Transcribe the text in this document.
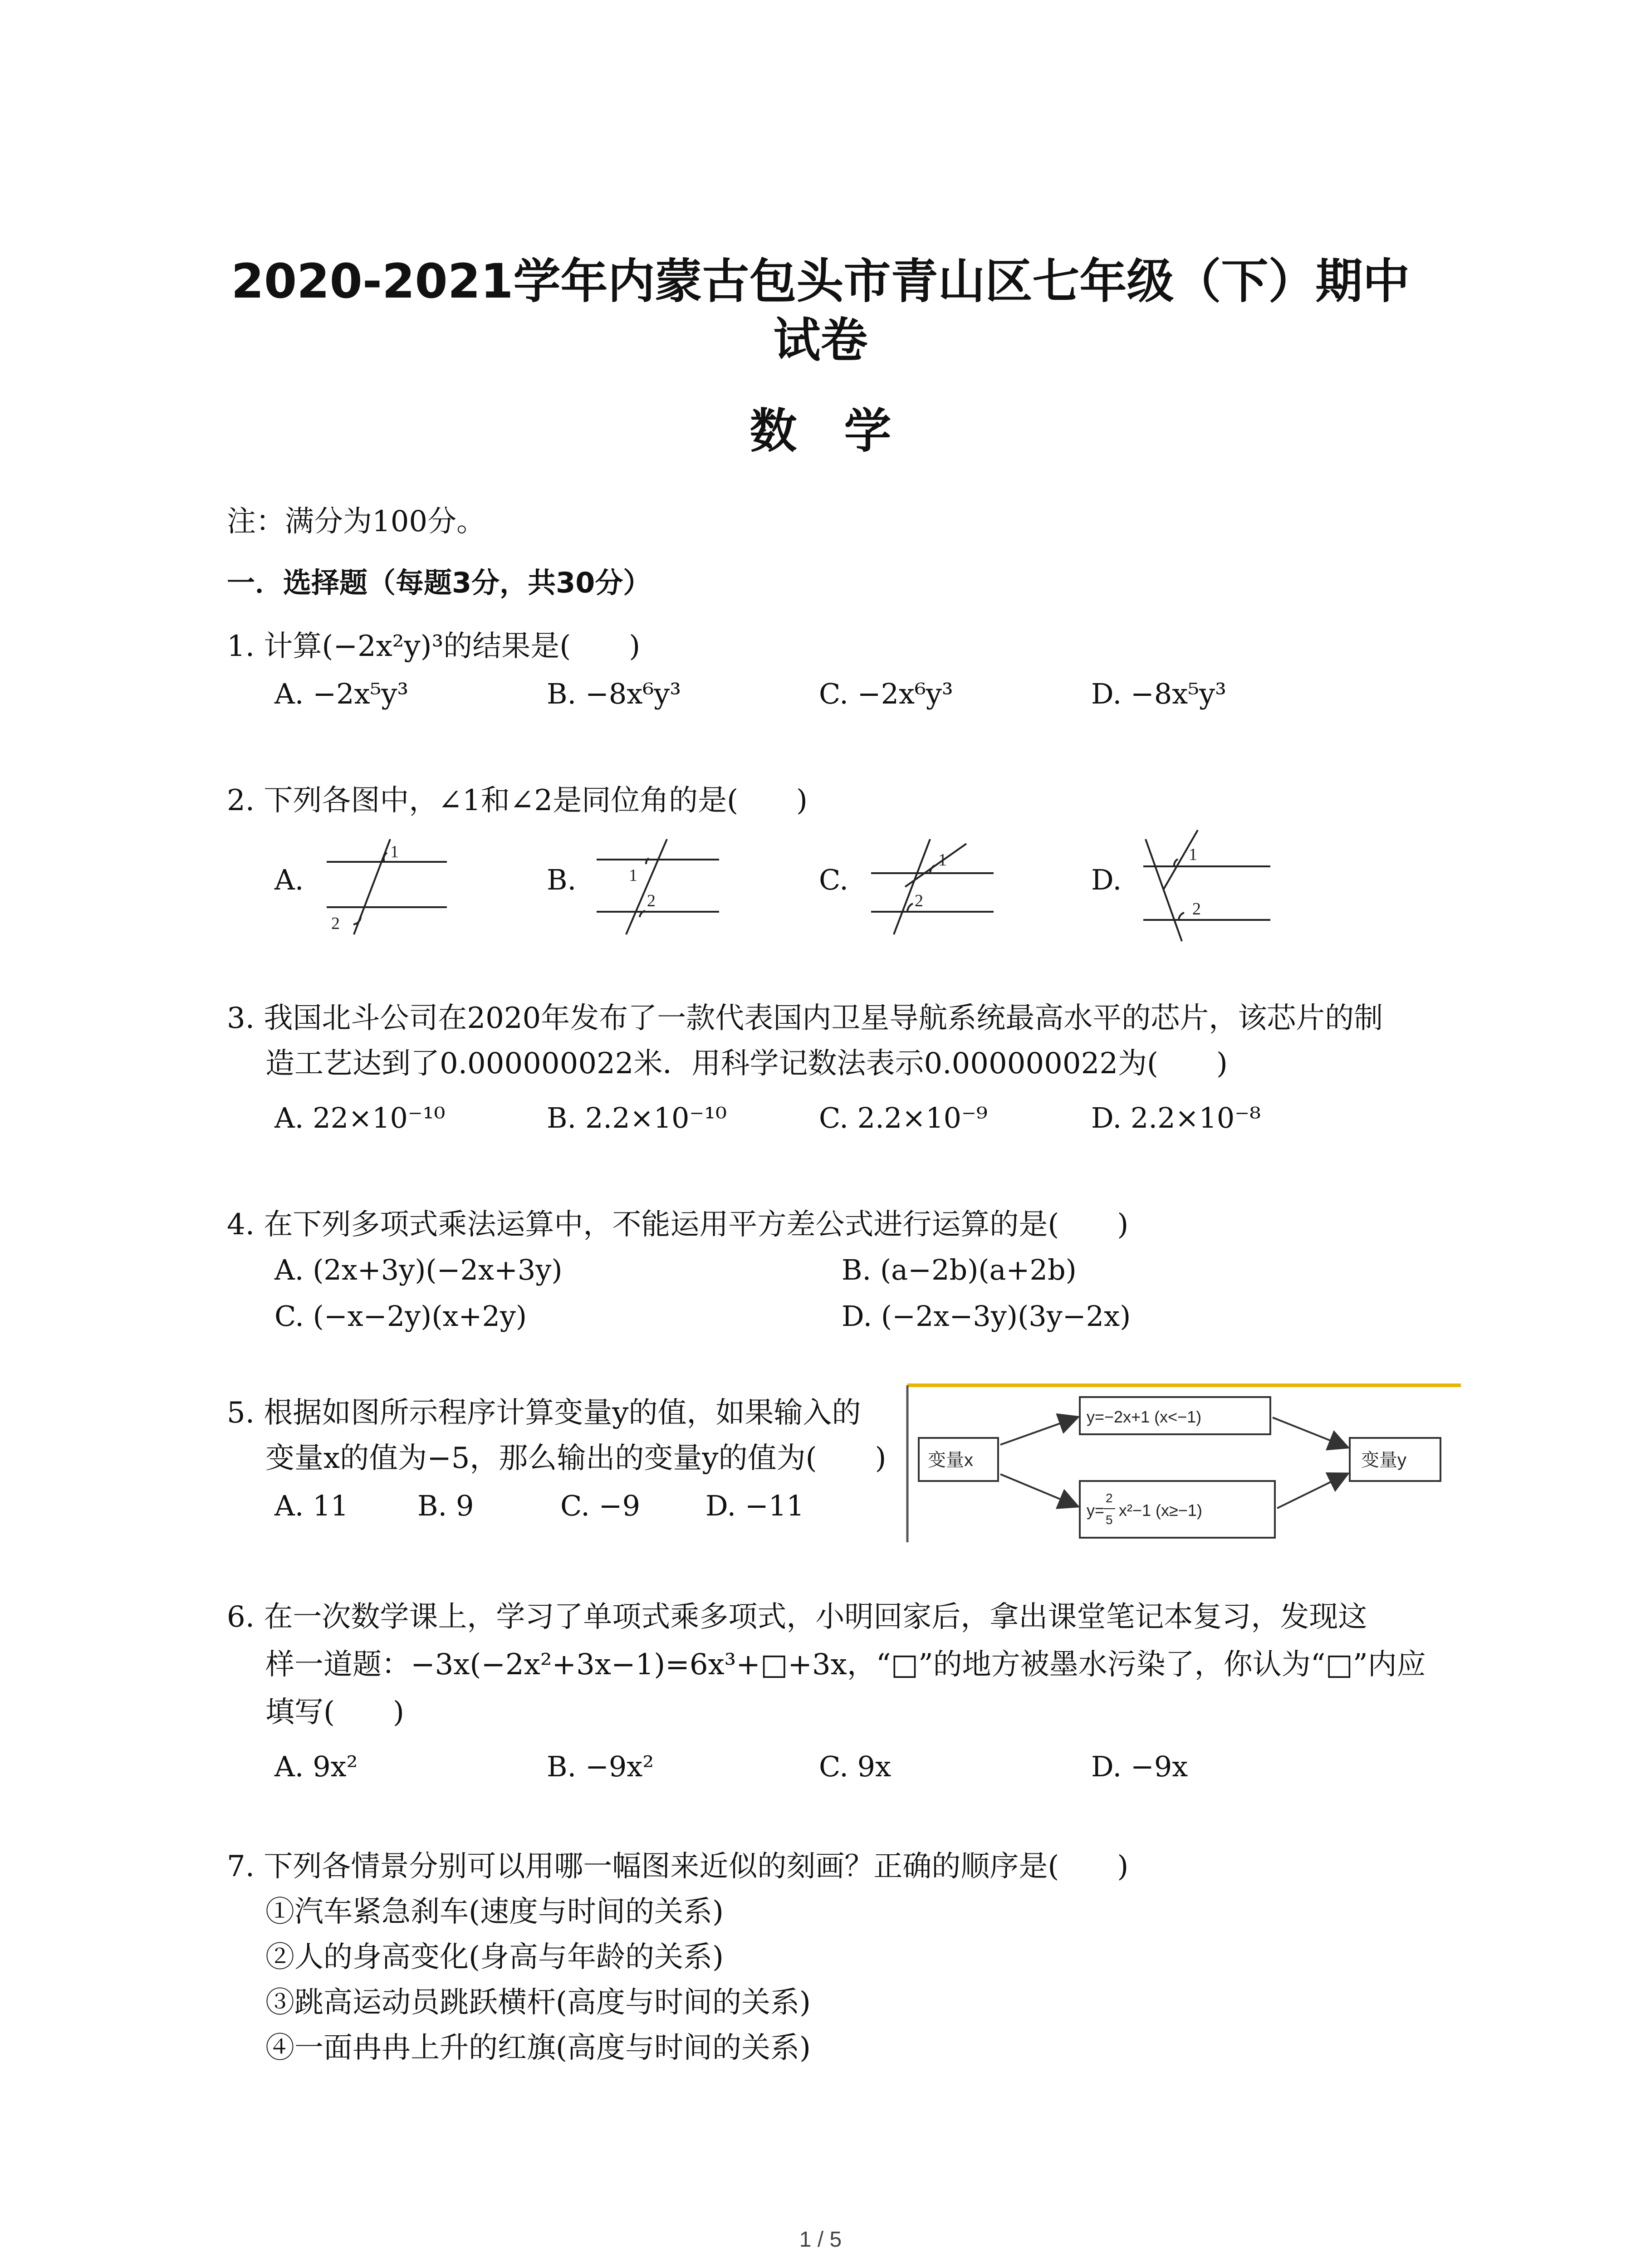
2020-2021学年内蒙古包头市青山区七年级（下）期中
试卷
数　学
注：满分为100分。
一．选择题（每题3分，共30分）
1. 计算(−2x²y)³的结果是(　　)
A. −2x⁵y³	B. −8x⁶y³	C. −2x⁶y³	D. −8x⁵y³
2. 下列各图中，∠1和∠2是同位角的是(　　)
A.	B.	C.	D.
1
2
1
2
1
2
1
2
3. 我国北斗公司在2020年发布了一款代表国内卫星导航系统最高水平的芯片，该芯片的制
造工艺达到了0.000000022米．用科学记数法表示0.000000022为(　　)
A. 22×10⁻¹⁰	B. 2.2×10⁻¹⁰	C. 2.2×10⁻⁹	D. 2.2×10⁻⁸
4. 在下列多项式乘法运算中，不能运用平方差公式进行运算的是(　　)
A. (2x+3y)(−2x+3y)	B. (a−2b)(a+2b)
C. (−x−2y)(x+2y)	D. (−2x−3y)(3y−2x)
5. 根据如图所示程序计算变量y的值，如果输入的
变量x的值为−5，那么输出的变量y的值为(　　)
A. 11 B. 9	C. −9 D. −11
变量x
y=−2x+1 (x<−1)
y=
2
5
x²−1 (x≥−1)
变量y
6. 在一次数学课上，学习了单项式乘多项式，小明回家后，拿出课堂笔记本复习，发现这
样一道题：−3x(−2x²+3x−1)=6x³+□+3x，“□”的地方被墨水污染了，你认为“□”内应
填写(　　)
A. 9x²	B. −9x²	C. 9x	D. −9x
7. 下列各情景分别可以用哪一幅图来近似的刻画？正确的顺序是(　　)
①汽车紧急刹车(速度与时间的关系)
②人的身高变化(身高与年龄的关系)
③跳高运动员跳跃横杆(高度与时间的关系)
④一面冉冉上升的红旗(高度与时间的关系)
1 / 5
